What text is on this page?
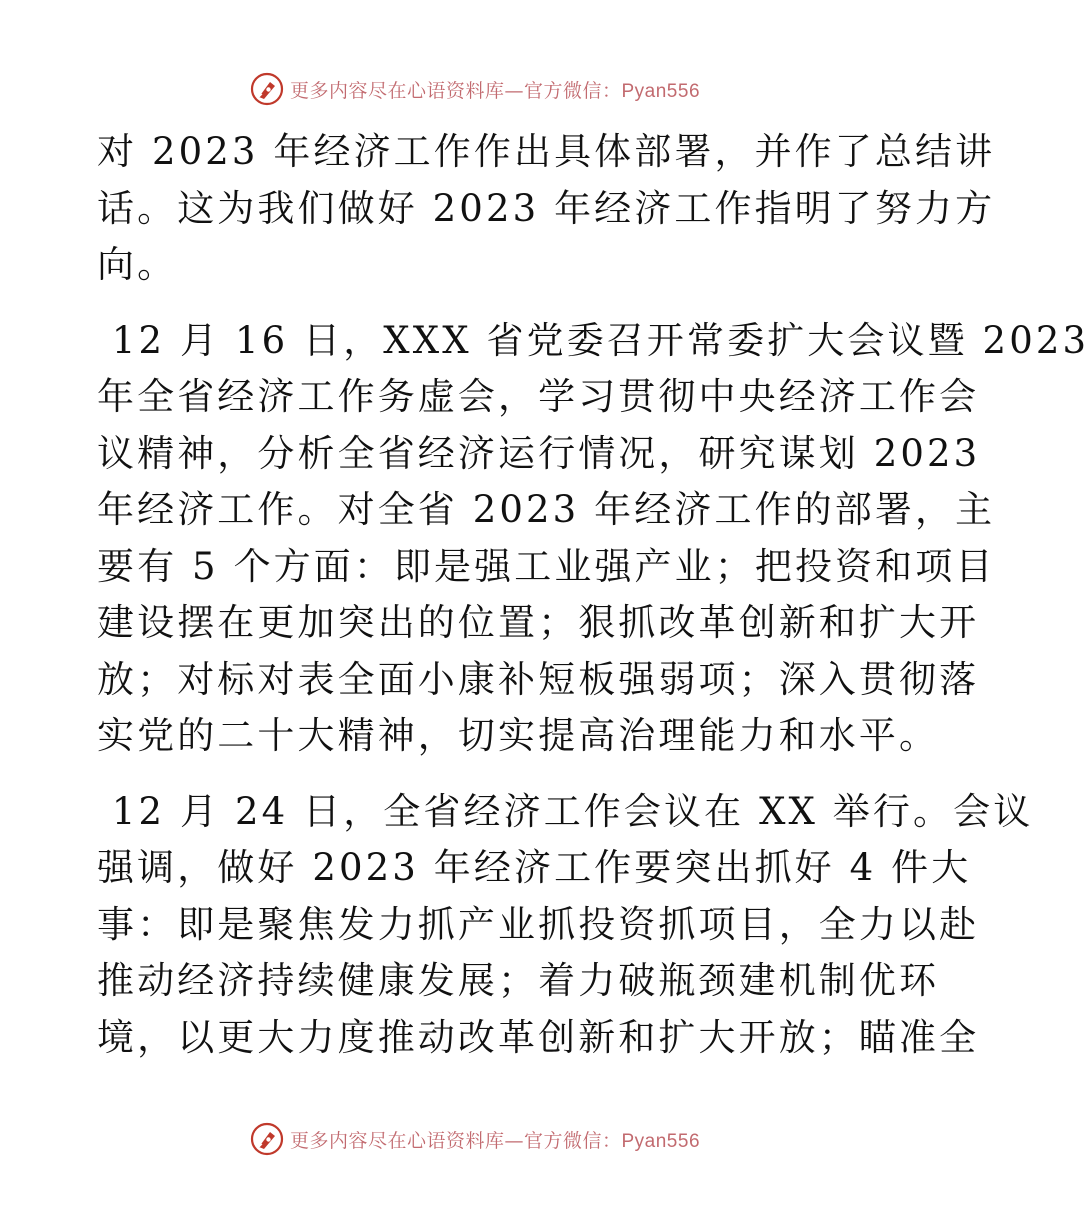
更多内容尽在心语资料库—官方微信：Pyan556

对 2023 年经济工作作出具体部署，并作了总结讲

话。这为我们做好 2023 年经济工作指明了努力方

向。

12 月 16 日，XXX 省党委召开常委扩大会议暨 2023

年全省经济工作务虚会，学习贯彻中央经济工作会

议精神，分析全省经济运行情况，研究谋划 2023

年经济工作。对全省 2023 年经济工作的部署，主

要有 5 个方面：即是强工业强产业；把投资和项目

建设摆在更加突出的位置；狠抓改革创新和扩大开

放；对标对表全面小康补短板强弱项；深入贯彻落

实党的二十大精神，切实提高治理能力和水平。

12 月 24 日，全省经济工作会议在 XX 举行。会议

强调，做好 2023 年经济工作要突出抓好 4 件大

事：即是聚焦发力抓产业抓投资抓项目，全力以赴

推动经济持续健康发展；着力破瓶颈建机制优环

境，以更大力度推动改革创新和扩大开放；瞄准全

更多内容尽在心语资料库—官方微信：Pyan556
